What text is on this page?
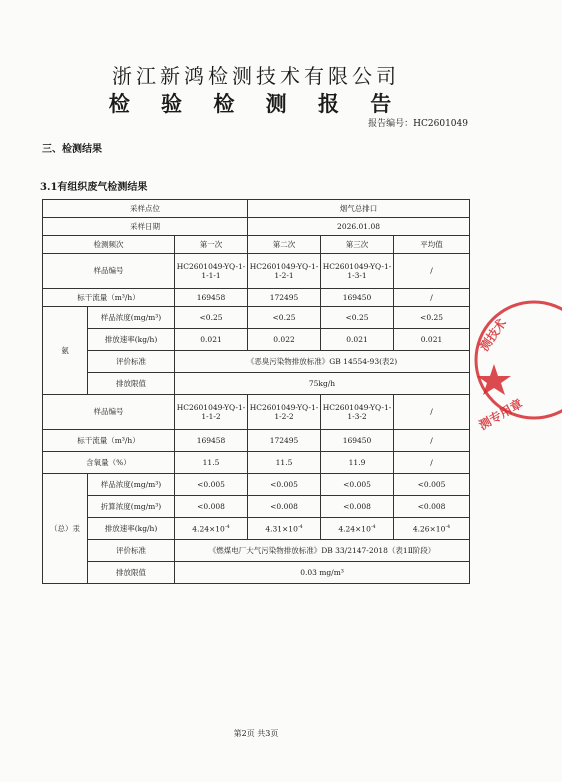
浙江新鸿检测技术有限公司
检 验 检 测 报 告
报告编号：HC2601049
三、检测结果
3.1有组织废气检测结果
采样点位			烟气总排口		
采样日期			2026.01.08		
检测频次		第一次	第二次	第三次	平均值
样品编号		HC2601049-YQ-1-1-1-1	HC2601049-YQ-1-1-2-1	HC2601049-YQ-1-1-3-1	/
标干流量（m³/h）		169458	172495	169450	/
氨	样品浓度(mg/m³)	<0.25	<0.25	<0.25	<0.25
	排放速率(kg/h)	0.021	0.022	0.021	0.021
	评价标准	《恶臭污染物排放标准》GB 14554-93(表2)			
	排放限值	75kg/h			
样品编号		HC2601049-YQ-1-1-1-2	HC2601049-YQ-1-1-2-2	HC2601049-YQ-1-1-3-2	/
标干流量（m³/h）		169458	172495	169450	/
含氧量（%）		11.5	11.5	11.9	/
（总）汞	样品浓度(mg/m³)	<0.005	<0.005	<0.005	<0.005
	折算浓度(mg/m³)	<0.008	<0.008	<0.008	<0.008
	排放速率(kg/h)	$4.24\times 10^{-4}$	$4.31\times 10^{-4}$	$4.24\times 10^{-4}$	$4.26\times 10^{-4}$
	评价标准	《燃煤电厂大气污染物排放标准》DB 33/2147-2018（表1Ⅱ阶段）			
	排放限值	0.03 mg/m³			
第2页 共3页
测技术
测专用章
